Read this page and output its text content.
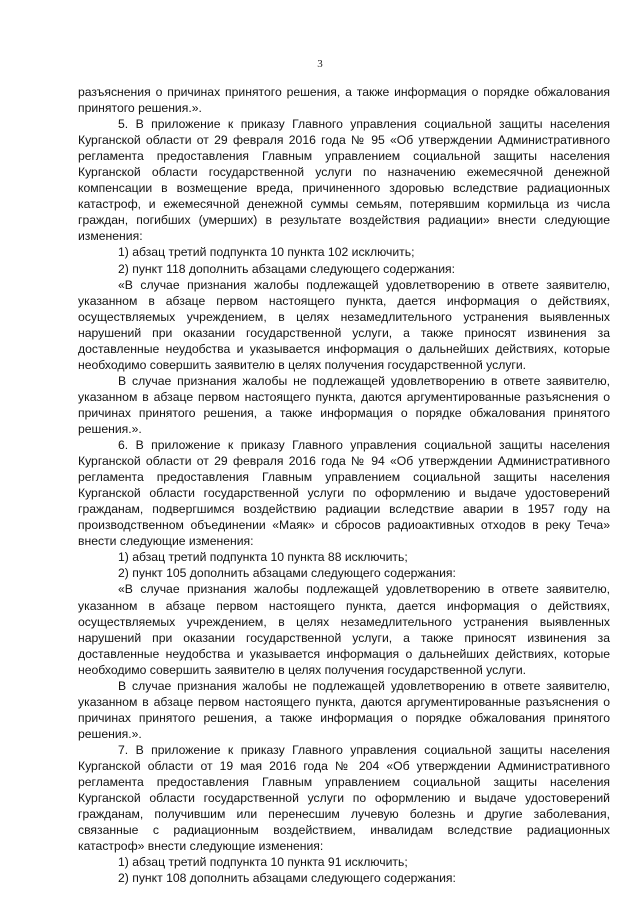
3

разъяснения о причинах принятого решения, а также информация о порядке обжалования принятого решения.».

5. В приложение к приказу Главного управления социальной защиты населения Курганской области от 29 февраля 2016 года № 95 «Об утверждении Административного регламента предоставления Главным управлением социальной защиты населения Курганской области государственной услуги по назначению ежемесячной денежной компенсации в возмещение вреда, причиненного здоровью вследствие радиационных катастроф, и ежемесячной денежной суммы семьям, потерявшим кормильца из числа граждан, погибших (умерших) в результате воздействия радиации» внести следующие изменения:

1) абзац третий подпункта 10 пункта 102 исключить;

2) пункт 118 дополнить абзацами следующего содержания:

«В случае признания жалобы подлежащей удовлетворению в ответе заявителю, указанном в абзаце первом настоящего пункта, дается информация о действиях, осуществляемых учреждением, в целях незамедлительного устранения выявленных нарушений при оказании государственной услуги, а также приносят извинения за доставленные неудобства и указывается информация о дальнейших действиях, которые необходимо совершить заявителю в целях получения государственной услуги.

В случае признания жалобы не подлежащей удовлетворению в ответе заявителю, указанном в абзаце первом настоящего пункта, даются аргументированные разъяснения о причинах принятого решения, а также информация о порядке обжалования принятого решения.».

6. В приложение к приказу Главного управления социальной защиты населения Курганской области от 29 февраля 2016 года № 94 «Об утверждении Административного регламента предоставления Главным управлением социальной защиты населения Курганской области государственной услуги по оформлению и выдаче удостоверений гражданам, подвергшимся воздействию радиации вследствие аварии в 1957 году на производственном объединении «Маяк» и сбросов радиоактивных отходов в реку Теча» внести следующие изменения:

1) абзац третий подпункта 10 пункта 88 исключить;

2) пункт 105 дополнить абзацами следующего содержания:

«В случае признания жалобы подлежащей удовлетворению в ответе заявителю, указанном в абзаце первом настоящего пункта, дается информация о действиях, осуществляемых учреждением, в целях незамедлительного устранения выявленных нарушений при оказании государственной услуги, а также приносят извинения за доставленные неудобства и указывается информация о дальнейших действиях, которые необходимо совершить заявителю в целях получения государственной услуги.

В случае признания жалобы не подлежащей удовлетворению в ответе заявителю, указанном в абзаце первом настоящего пункта, даются аргументированные разъяснения о причинах принятого решения, а также информация о порядке обжалования принятого решения.».

7. В приложение к приказу Главного управления социальной защиты населения Курганской области от 19 мая 2016 года № 204 «Об утверждении Административного регламента предоставления Главным управлением социальной защиты населения Курганской области государственной услуги по оформлению и выдаче удостоверений гражданам, получившим или перенесшим лучевую болезнь и другие заболевания, связанные с радиационным воздействием, инвалидам вследствие радиационных катастроф» внести следующие изменения:

1) абзац третий подпункта 10 пункта 91 исключить;

2) пункт 108 дополнить абзацами следующего содержания:
